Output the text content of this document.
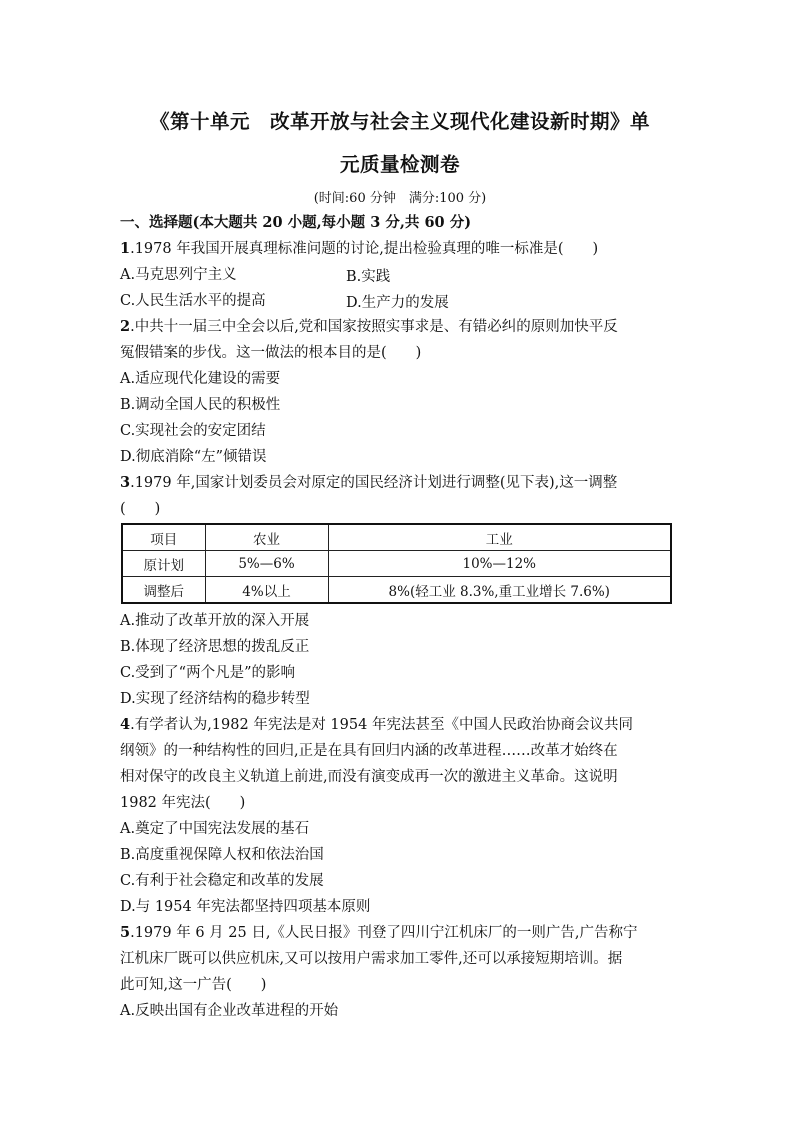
《第十单元　改革开放与社会主义现代化建设新时期》单
元质量检测卷
(时间:60 分钟　满分:100 分)
一、选择题(本大题共 20 小题,每小题 3 分,共 60 分)
1.1978 年我国开展真理标准问题的讨论,提出检验真理的唯一标准是(　　)
A.马克思列宁主义	B.实践
C.人民生活水平的提高	D.生产力的发展
2.中共十一届三中全会以后,党和国家按照实事求是、有错必纠的原则加快平反
冤假错案的步伐。这一做法的根本目的是(　　)
A.适应现代化建设的需要
B.调动全国人民的积极性
C.实现社会的安定团结
D.彻底消除“左”倾错误
3.1979 年,国家计划委员会对原定的国民经济计划进行调整(见下表),这一调整
(　　)
项目	农业	工业
原计划	5%—6%	10%—12%
调整后	4%以上	8%(轻工业 8.3%,重工业增长 7.6%)
A.推动了改革开放的深入开展
B.体现了经济思想的拨乱反正
C.受到了“两个凡是”的影响
D.实现了经济结构的稳步转型
4.有学者认为,1982 年宪法是对 1954 年宪法甚至《中国人民政治协商会议共同
纲领》的一种结构性的回归,正是在具有回归内涵的改革进程……改革才始终在
相对保守的改良主义轨道上前进,而没有演变成再一次的激进主义革命。这说明
1982 年宪法(　　)
A.奠定了中国宪法发展的基石
B.高度重视保障人权和依法治国
C.有利于社会稳定和改革的发展
D.与 1954 年宪法都坚持四项基本原则
5.1979 年 6 月 25 日,《人民日报》刊登了四川宁江机床厂的一则广告,广告称宁
江机床厂既可以供应机床,又可以按用户需求加工零件,还可以承接短期培训。据
此可知,这一广告(　　)
A.反映出国有企业改革进程的开始
